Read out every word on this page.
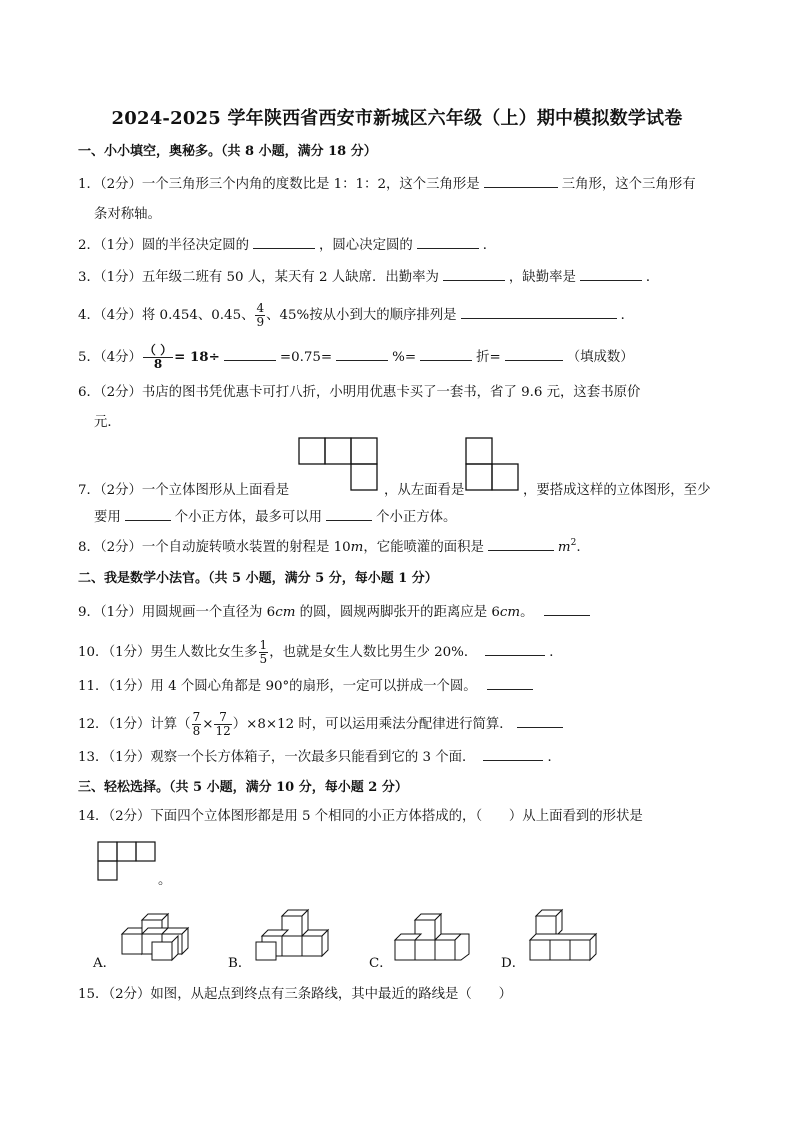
2024-2025 学年陕西省西安市新城区六年级（上）期中模拟数学试卷
一、小小填空，奥秘多。（共 8 小题，满分 18 分）
1．（2分）一个三角形三个内角的度数比是 1：1：2，这个三角形是	三角形，这个三角形有
条对称轴。
2．（1分）圆的半径决定圆的	，圆心决定圆的	．
3．（1分）五年级二班有 50 人，某天有 2 人缺席．出勤率为	，缺勤率是	．
4．（4分）将 0.454、0.45、 $\frac{4}{9}$ 、45%按从小到大的顺序排列是	．
5．（4分） $\frac{( )}{8} = 18\div$	=0.75=	%=	折=	（填成数）
6．（2分）书店的图书凭优惠卡可打八折，小明用优惠卡买了一套书，省了 9.6 元，这套书原价
元．
7．（2分）一个立体图形从上面看是	，从左面看是	，要搭成这样的立体图形，至少
要用	个小正方体，最多可以用	个小正方体。
8．（2分）一个自动旋转喷水装置的射程是 10m，它能喷灌的面积是	$m^2$.
二、我是数学小法官。（共 5 小题，满分 5 分，每小题 1 分）
9．（1分）用圆规画一个直径为 6cm 的圆，圆规两脚张开的距离应是 6cm。
10．（1分）男生人数比女生多 $\frac{1}{5}$ ，也就是女生人数比男生少 20%．	．
11．（1分）用 4 个圆心角都是 90°的扇形，一定可以拼成一个圆。
12．（1分）计算（ $\frac{7}{8} \times \frac{7}{12} )\times 8\times 12$ 时，可以运用乘法分配律进行简算．
13．（1分）观察一个长方体箱子，一次最多只能看到它的 3 个面．	．
三、轻松选择。（共 5 小题，满分 10 分，每小题 2 分）
14．（2分）下面四个立体图形都是用 5 个相同的小正方体搭成的，（　　）从上面看到的形状是
。
A．	B．	C．	D．
15．（2分）如图，从起点到终点有三条路线，其中最近的路线是（　　）
